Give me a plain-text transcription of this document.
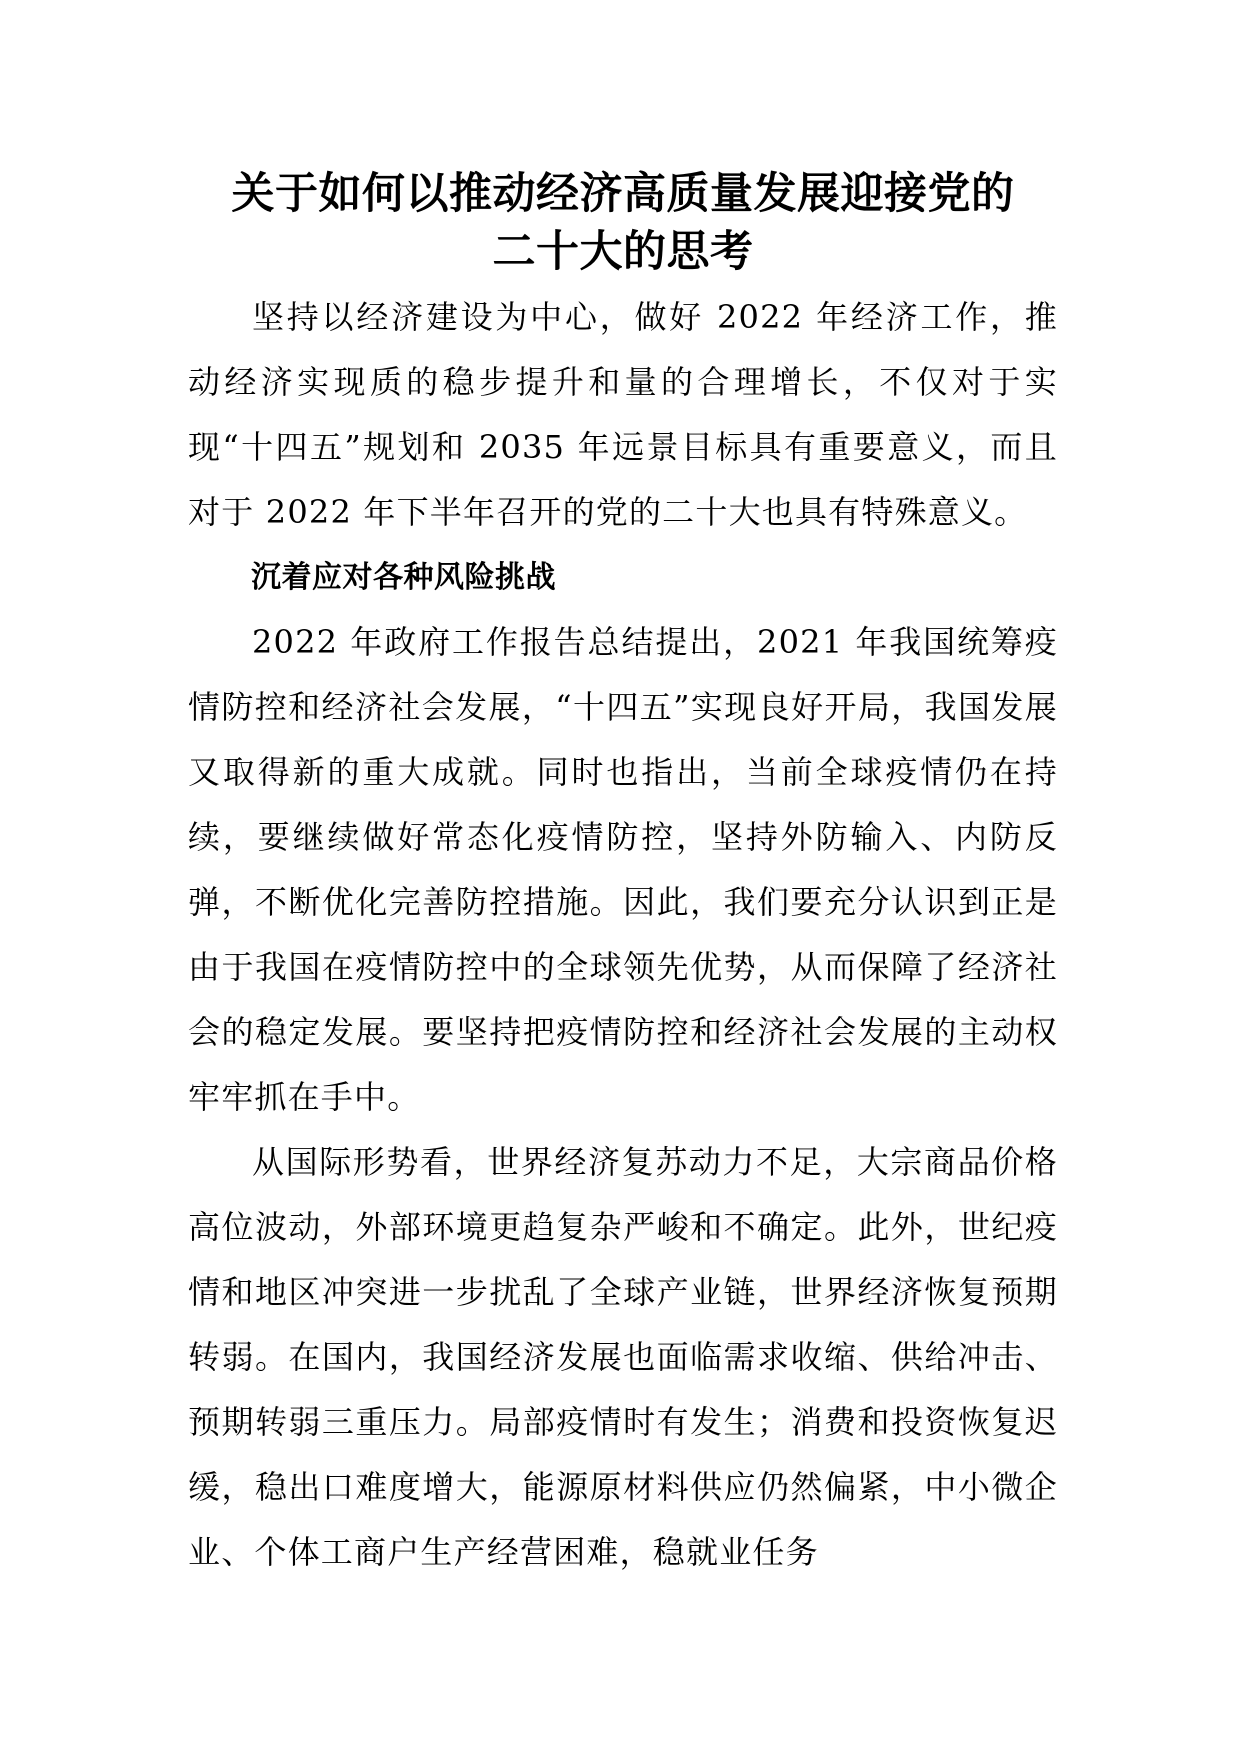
关于如何以推动经济高质量发展迎接党的
二十大的思考

坚持以经济建设为中心，做好 2022 年经济工作，推动经济实现质的稳步提升和量的合理增长，不仅对于实现“十四五”规划和 2035 年远景目标具有重要意义，而且对于 2022 年下半年召开的党的二十大也具有特殊意义。

沉着应对各种风险挑战

2022 年政府工作报告总结提出，2021 年我国统筹疫情防控和经济社会发展，“十四五”实现良好开局，我国发展又取得新的重大成就。同时也指出，当前全球疫情仍在持续，要继续做好常态化疫情防控，坚持外防输入、内防反弹，不断优化完善防控措施。因此，我们要充分认识到正是由于我国在疫情防控中的全球领先优势，从而保障了经济社会的稳定发展。要坚持把疫情防控和经济社会发展的主动权牢牢抓在手中。

从国际形势看，世界经济复苏动力不足，大宗商品价格高位波动，外部环境更趋复杂严峻和不确定。此外，世纪疫情和地区冲突进一步扰乱了全球产业链，世界经济恢复预期转弱。在国内，我国经济发展也面临需求收缩、供给冲击、预期转弱三重压力。局部疫情时有发生；消费和投资恢复迟缓，稳出口难度增大，能源原材料供应仍然偏紧，中小微企业、个体工商户生产经营困难，稳就业任务
